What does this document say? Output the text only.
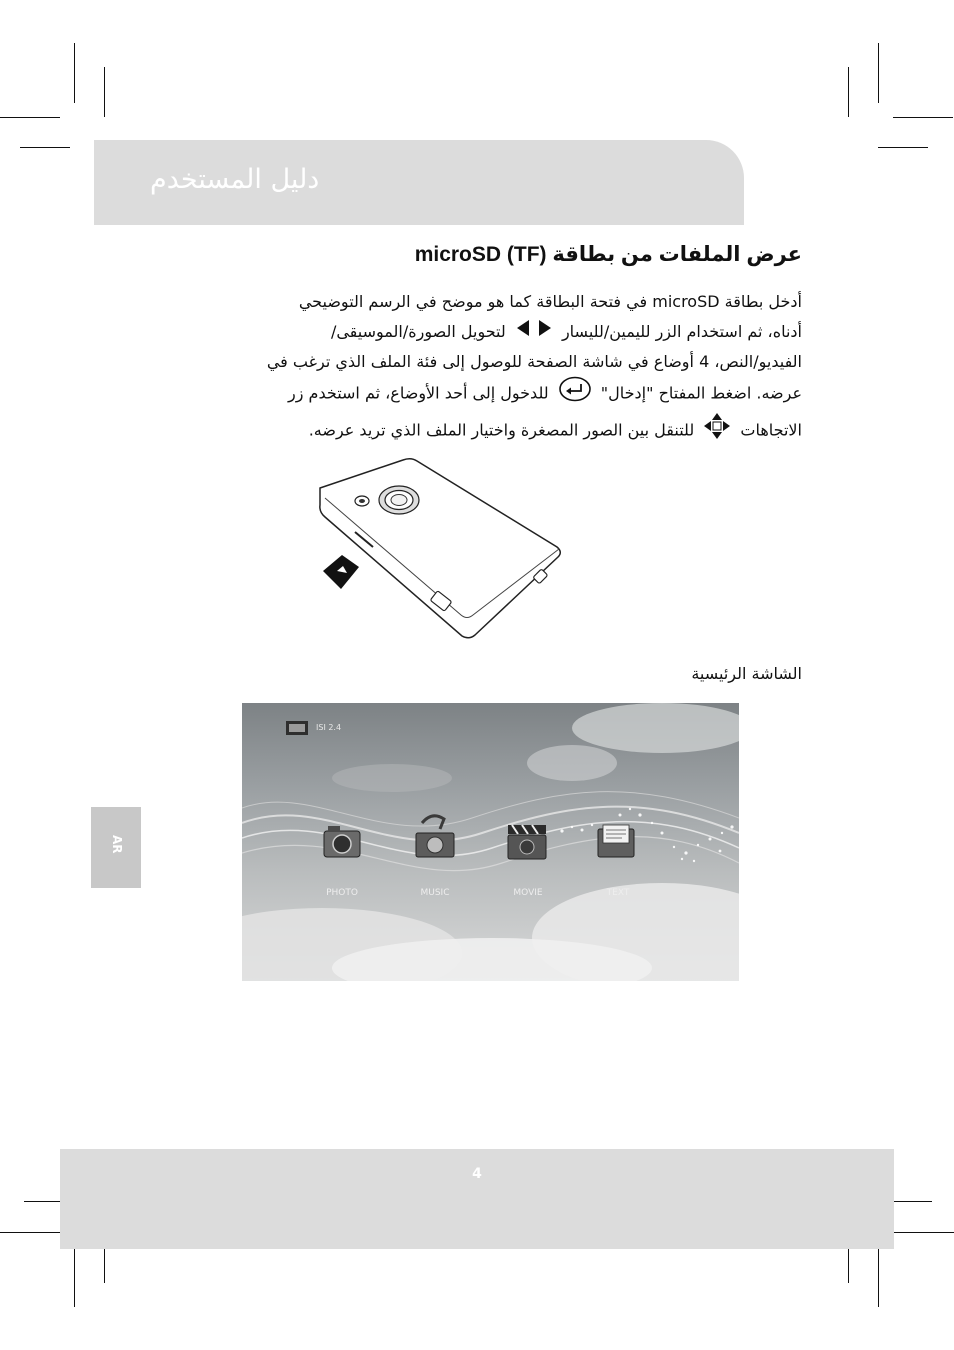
دليل المستخدم
عرض الملفات من بطاقة microSD (TF)
أدخل بطاقة microSD في فتحة البطاقة كما هو موضح في الرسم التوضيحي
أدناه، ثم استخدام الزر لليمين/لليسار  لتحويل الصورة/الموسيقى/
الفيديو/النص، 4 أوضاع في شاشة الصفحة للوصول إلى فئة الملف الذي ترغب في
عرضه. اضغط المفتاح "إدخال"  للدخول إلى أحد الأوضاع، ثم استخدم زر
الاتجاهات  للتنقل بين الصور المصغرة واختيار الملف الذي تريد عرضه.
الشاشة الرئيسية
ISI 2.4
PHOTO	MUSIC	MOVIE	TEXT
AR
4
